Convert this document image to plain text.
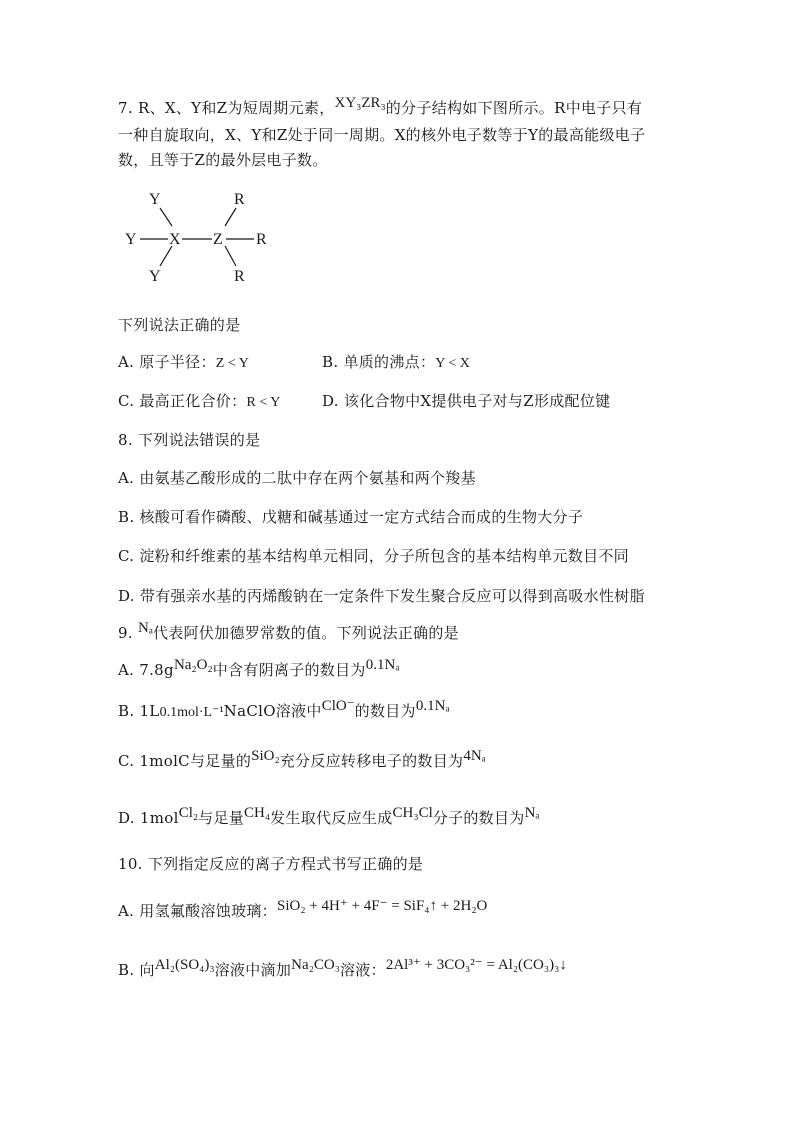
7. R、X、Y和Z为短周期元素，XY₃ZR₃的分子结构如下图所示。R中电子只有
一种自旋取向，X、Y和Z处于同一周期。X的核外电子数等于Y的最高能级电子
数，且等于Z的最外层电子数。
Y
Y
Y
X Z
R
R
R
下列说法正确的是
A. 原子半径：Z < Y	B. 单质的沸点：Y < X
C. 最高正化合价：R < Y	D. 该化合物中X提供电子对与Z形成配位键
8. 下列说法错误的是
A. 由氨基乙酸形成的二肽中存在两个氨基和两个羧基
B. 核酸可看作磷酸、戊糖和碱基通过一定方式结合而成的生物大分子
C. 淀粉和纤维素的基本结构单元相同，分子所包含的基本结构单元数目不同
D. 带有强亲水基的丙烯酸钠在一定条件下发生聚合反应可以得到高吸水性树脂
9. Nₐ代表阿伏加德罗常数的值。下列说法正确的是
A. 7.8gNa₂O₂中含有阴离子的数目为0.1Nₐ
B. 1L0.1mol·L⁻¹NaClO溶液中ClO⁻的数目为0.1Nₐ
C. 1molC与足量的SiO₂充分反应转移电子的数目为4Nₐ
D. 1molCl₂与足量CH₄发生取代反应生成CH₃Cl分子的数目为Nₐ
10. 下列指定反应的离子方程式书写正确的是
A. 用氢氟酸溶蚀玻璃：SiO₂ + 4H⁺ + 4F⁻ = SiF₄↑ + 2H₂O
B. 向Al₂(SO₄)₃溶液中滴加Na₂CO₃溶液：2Al³⁺ + 3CO₃²⁻ = Al₂(CO₃)₃↓
